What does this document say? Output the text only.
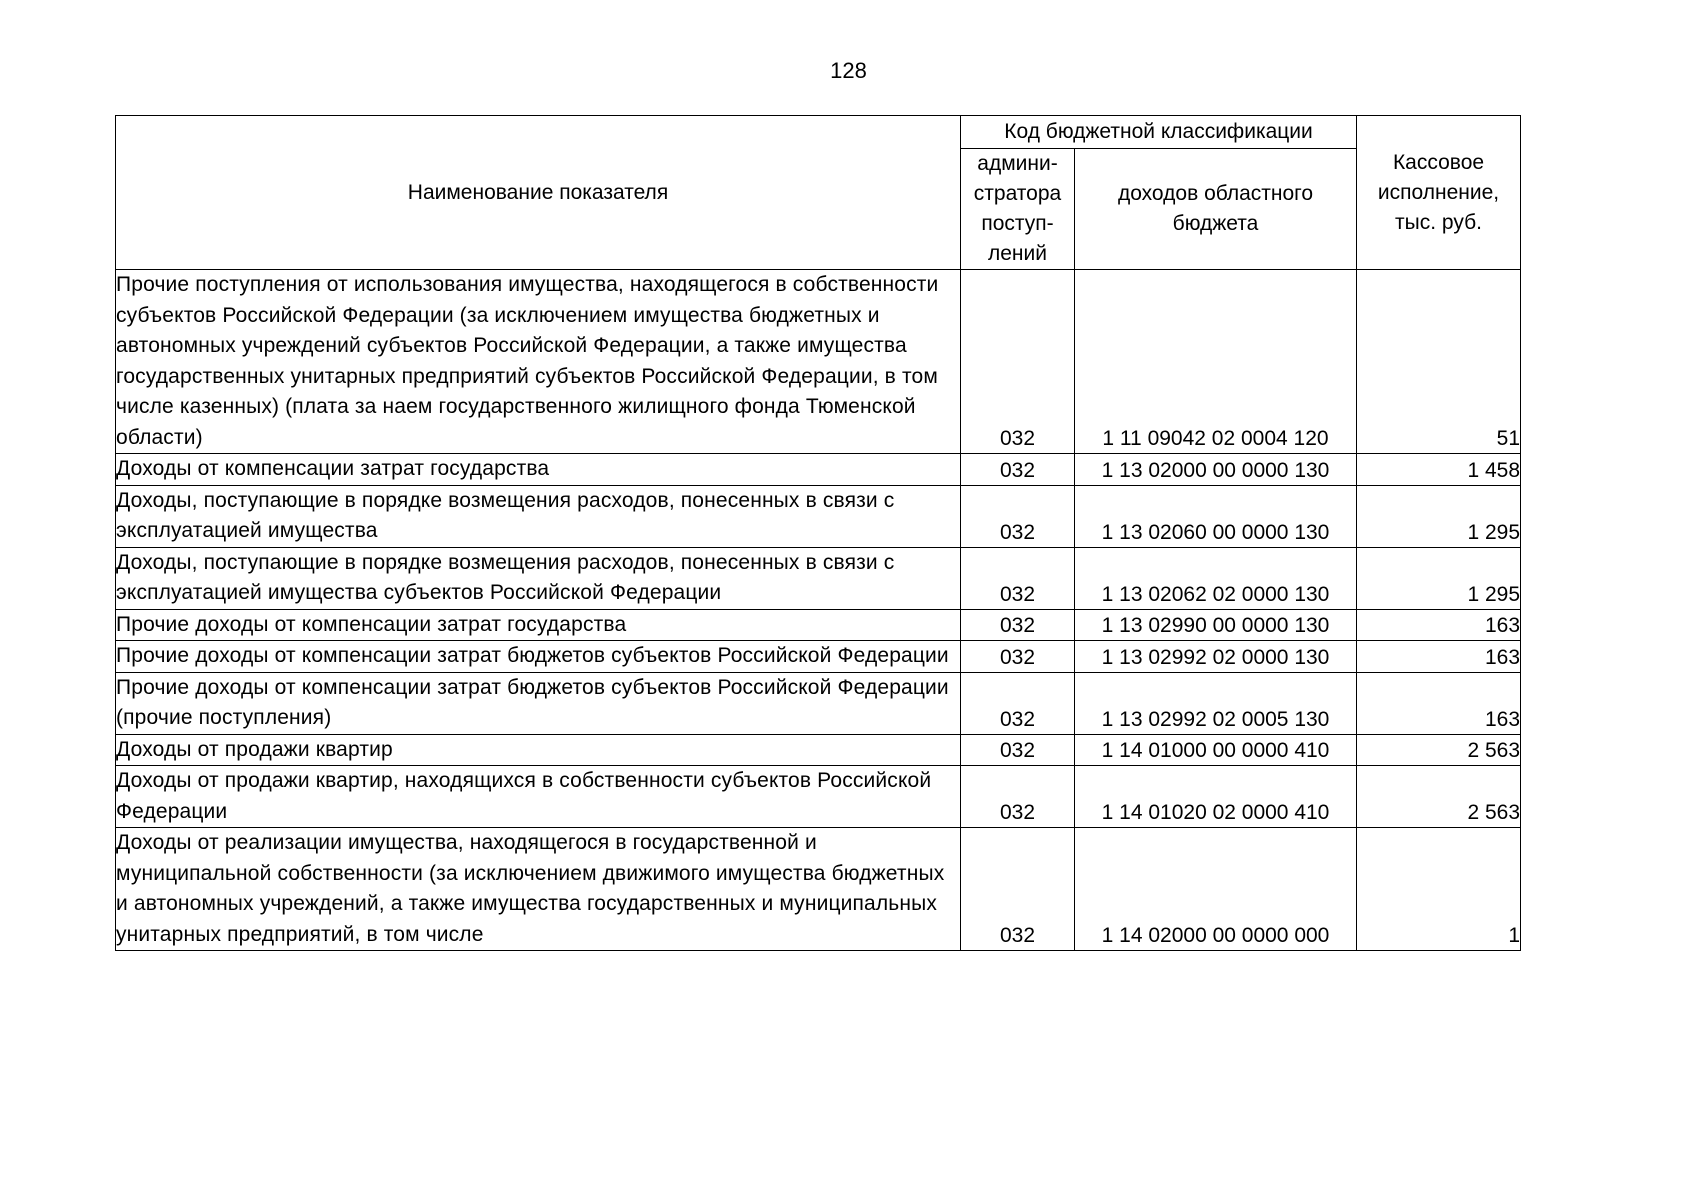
128
Наименование показателя	Код бюджетной классификации		Кассовое исполнение, тыс. руб.
	админи-стратора поступ-лений	доходов областного бюджета	
Прочие поступления от использования имущества, находящегося в собственности субъектов Российской Федерации (за исключением имущества бюджетных и автономных учреждений субъектов Российской Федерации, а также имущества государственных унитарных предприятий субъектов Российской Федерации, в том числе казенных) (плата за наем государственного жилищного фонда Тюменской области)	032	1 11 09042 02 0004 120	51
Доходы от компенсации затрат государства	032	1 13 02000 00 0000 130	1 458
Доходы, поступающие в порядке возмещения расходов, понесенных в связи с эксплуатацией имущества	032	1 13 02060 00 0000 130	1 295
Доходы, поступающие в порядке возмещения расходов, понесенных в связи с эксплуатацией имущества субъектов Российской Федерации	032	1 13 02062 02 0000 130	1 295
Прочие доходы от компенсации затрат государства	032	1 13 02990 00 0000 130	163
Прочие доходы от компенсации затрат бюджетов субъектов Российской Федерации	032	1 13 02992 02 0000 130	163
Прочие доходы от компенсации затрат бюджетов субъектов Российской Федерации (прочие поступления)	032	1 13 02992 02 0005 130	163
Доходы от продажи квартир	032	1 14 01000 00 0000 410	2 563
Доходы от продажи квартир, находящихся в собственности субъектов Российской Федерации	032	1 14 01020 02 0000 410	2 563
Доходы от реализации имущества, находящегося в государственной и муниципальной собственности (за исключением движимого имущества бюджетных и автономных учреждений, а также имущества государственных и муниципальных унитарных предприятий, в том числе	032	1 14 02000 00 0000 000	1
